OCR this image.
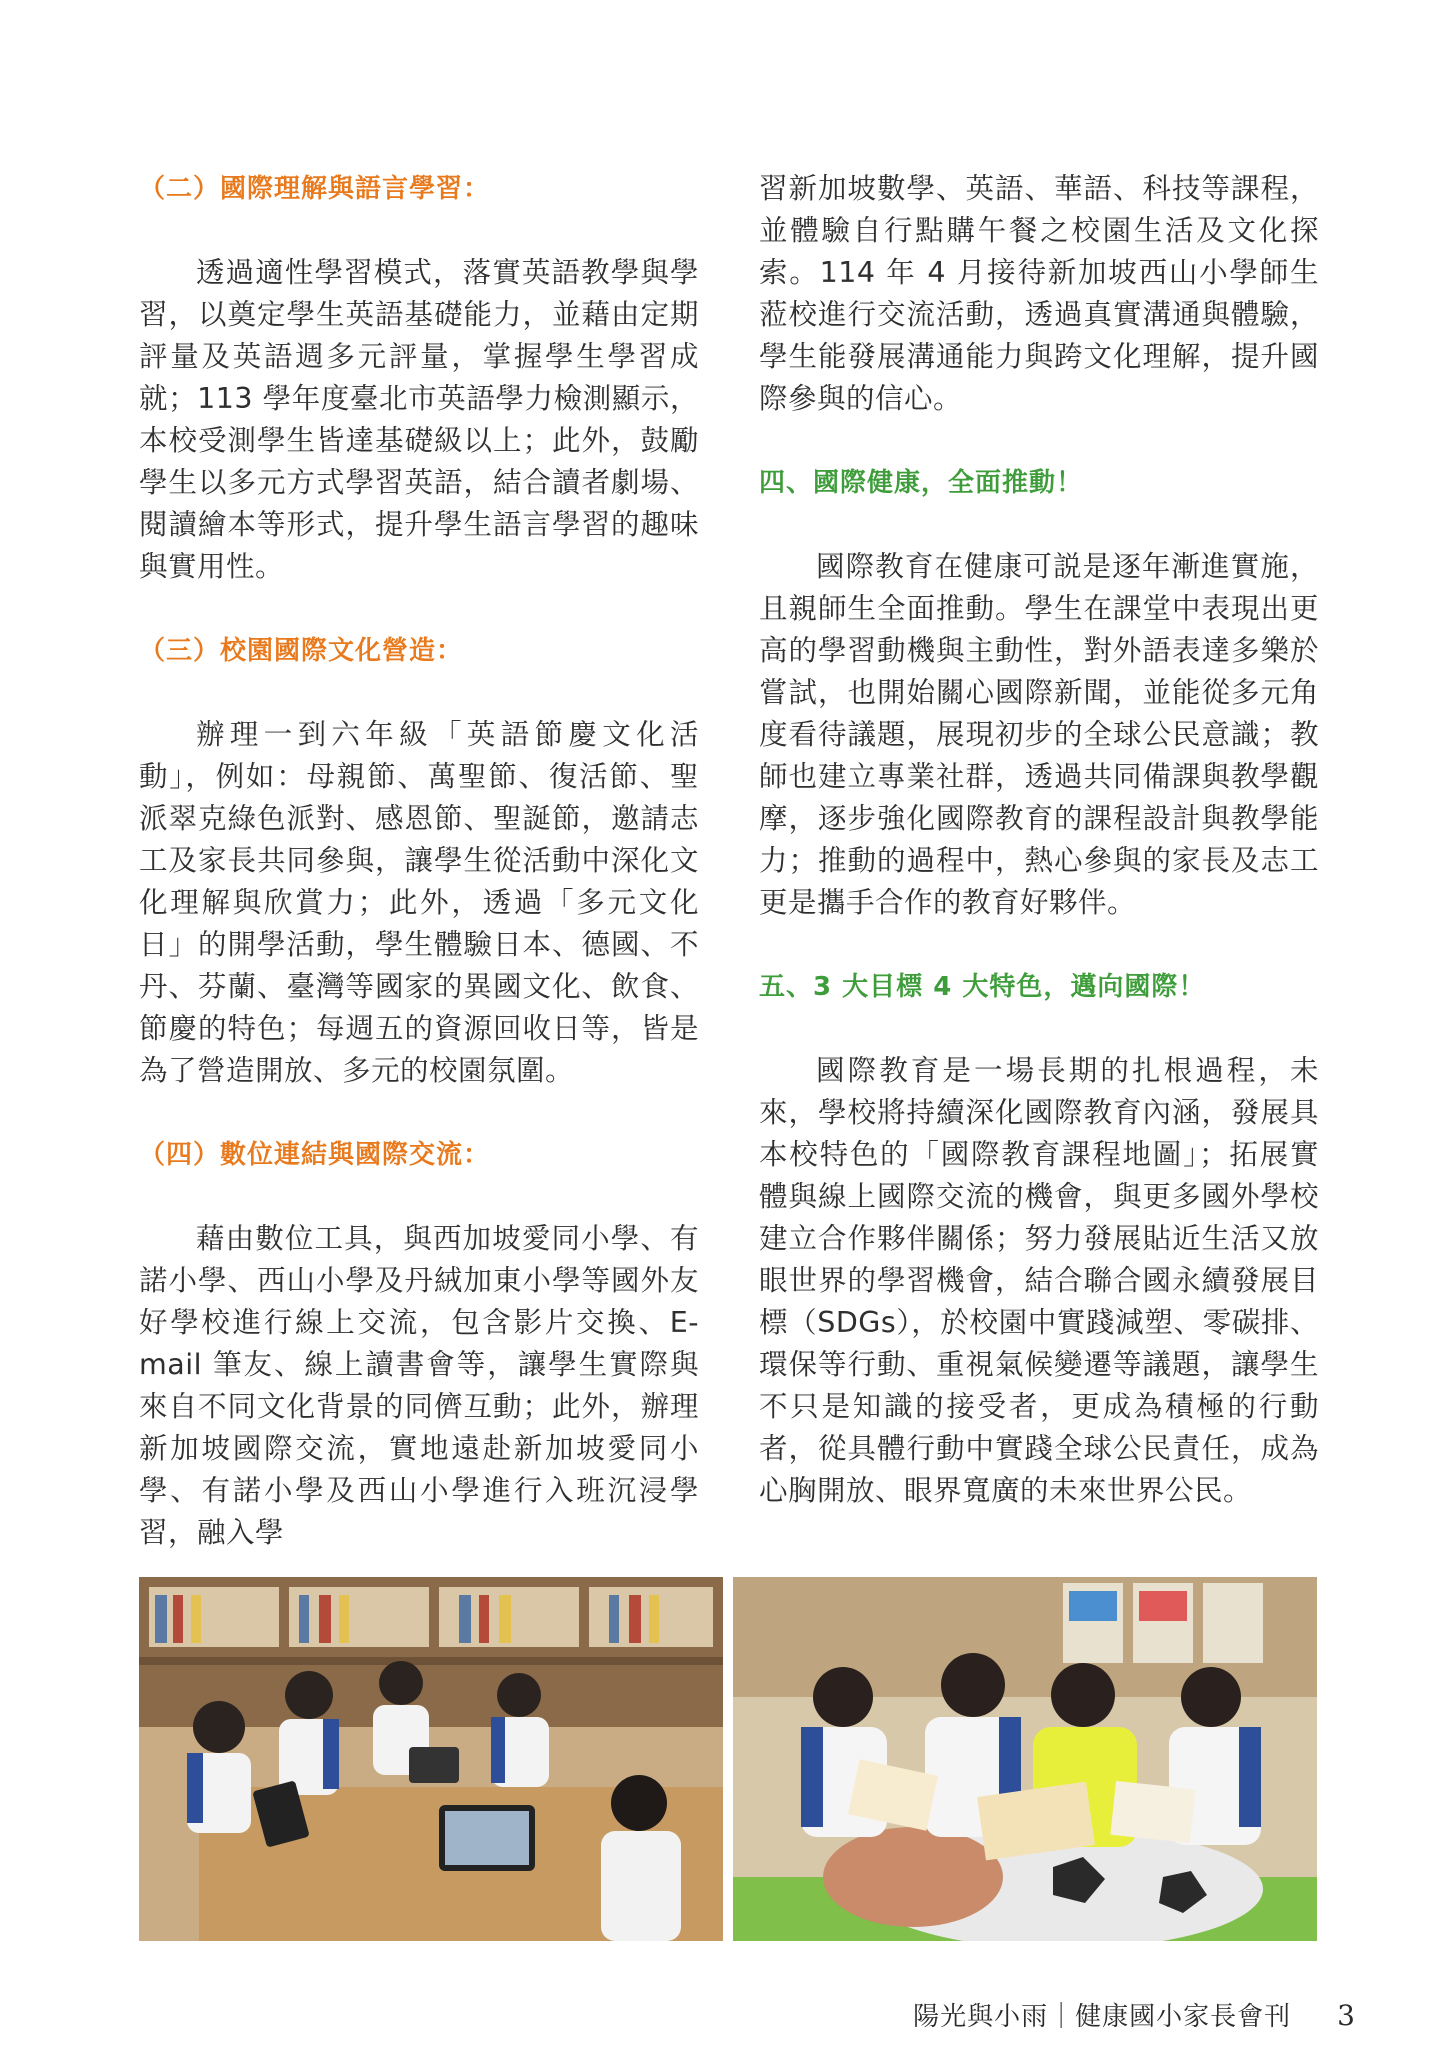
（二）國際理解與語言學習：

透過適性學習模式，落實英語教學與學習，以奠定學生英語基礎能力，並藉由定期評量及英語週多元評量，掌握學生學習成就；113 學年度臺北市英語學力檢測顯示，本校受測學生皆達基礎級以上；此外，鼓勵學生以多元方式學習英語，結合讀者劇場、閱讀繪本等形式，提升學生語言學習的趣味與實用性。

（三）校園國際文化營造：

辦理一到六年級「英語節慶文化活動」，例如：母親節、萬聖節、復活節、聖派翠克綠色派對、感恩節、聖誕節，邀請志工及家長共同參與，讓學生從活動中深化文化理解與欣賞力；此外，透過「多元文化日」的開學活動，學生體驗日本、德國、不丹、芬蘭、臺灣等國家的異國文化、飲食、節慶的特色；每週五的資源回收日等，皆是為了營造開放、多元的校園氛圍。

（四）數位連結與國際交流：

藉由數位工具，與西加坡愛同小學、有諾小學、西山小學及丹絨加東小學等國外友好學校進行線上交流，包含影片交換、E-mail 筆友、線上讀書會等，讓學生實際與來自不同文化背景的同儕互動；此外，辦理新加坡國際交流，實地遠赴新加坡愛同小學、有諾小學及西山小學進行入班沉浸學習，融入學

習新加坡數學、英語、華語、科技等課程，並體驗自行點購午餐之校園生活及文化探索。114 年 4 月接待新加坡西山小學師生蒞校進行交流活動，透過真實溝通與體驗，學生能發展溝通能力與跨文化理解，提升國際參與的信心。

四、國際健康，全面推動！

國際教育在健康可説是逐年漸進實施，且親師生全面推動。學生在課堂中表現出更高的學習動機與主動性，對外語表達多樂於嘗試，也開始關心國際新聞，並能從多元角度看待議題，展現初步的全球公民意識；教師也建立專業社群，透過共同備課與教學觀摩，逐步強化國際教育的課程設計與教學能力；推動的過程中，熱心參與的家長及志工更是攜手合作的教育好夥伴。

五、3 大目標 4 大特色，邁向國際！

國際教育是一場長期的扎根過程，未來，學校將持續深化國際教育內涵，發展具本校特色的「國際教育課程地圖」；拓展實體與線上國際交流的機會，與更多國外學校建立合作夥伴關係；努力發展貼近生活又放眼世界的學習機會，結合聯合國永續發展目標（SDGs），於校園中實踐減塑、零碳排、環保等行動、重視氣候變遷等議題，讓學生不只是知識的接受者，更成為積極的行動者，從具體行動中實踐全球公民責任，成為心胸開放、眼界寬廣的未來世界公民。

陽光與小雨｜健康國小家長會刊 3
